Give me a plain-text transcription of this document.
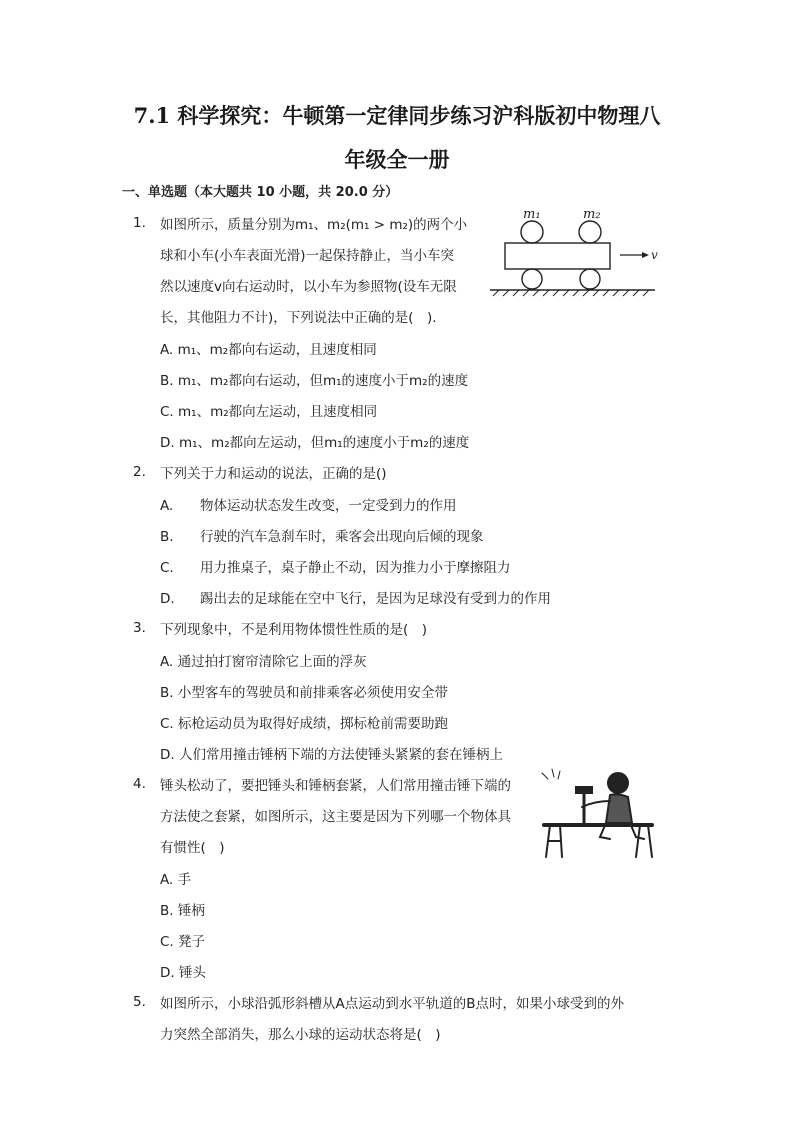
7.1 科学探究：牛顿第一定律同步练习沪科版初中物理八
年级全一册
一、单选题（本大题共 10 小题，共 20.0 分）
1. 如图所示，质量分别为m₁、m₂(m₁ > m₂)的两个小
球和小车(小车表面光滑)一起保持静止，当小车突
然以速度v向右运动时，以小车为参照物(设车无限
长，其他阻力不计)，下列说法中正确的是(　).
m₁	m₂
v
A. m₁、m₂都向右运动，且速度相同
B. m₁、m₂都向右运动，但m₁的速度小于m₂的速度
C. m₁、m₂都向左运动，且速度相同
D. m₁、m₂都向左运动，但m₁的速度小于m₂的速度
2. 下列关于力和运动的说法，正确的是()
A. 物体运动状态发生改变，一定受到力的作用
B. 行驶的汽车急刹车时，乘客会出现向后倾的现象
C. 用力推桌子，桌子静止不动，因为推力小于摩擦阻力
D. 踢出去的足球能在空中飞行，是因为足球没有受到力的作用
3. 下列现象中，不是利用物体惯性性质的是(　)
A. 通过拍打窗帘清除它上面的浮灰
B. 小型客车的驾驶员和前排乘客必须使用安全带
C. 标枪运动员为取得好成绩，掷标枪前需要助跑
D. 人们常用撞击锤柄下端的方法使锤头紧紧的套在锤柄上
4. 锤头松动了，要把锤头和锤柄套紧，人们常用撞击锤下端的
方法使之套紧，如图所示，这主要是因为下列哪一个物体具
有惯性(　)
A. 手
B. 锤柄
C. 凳子
D. 锤头
5. 如图所示，小球沿弧形斜槽从A点运动到水平轨道的B点时，如果小球受到的外
力突然全部消失，那么小球的运动状态将是(　)
